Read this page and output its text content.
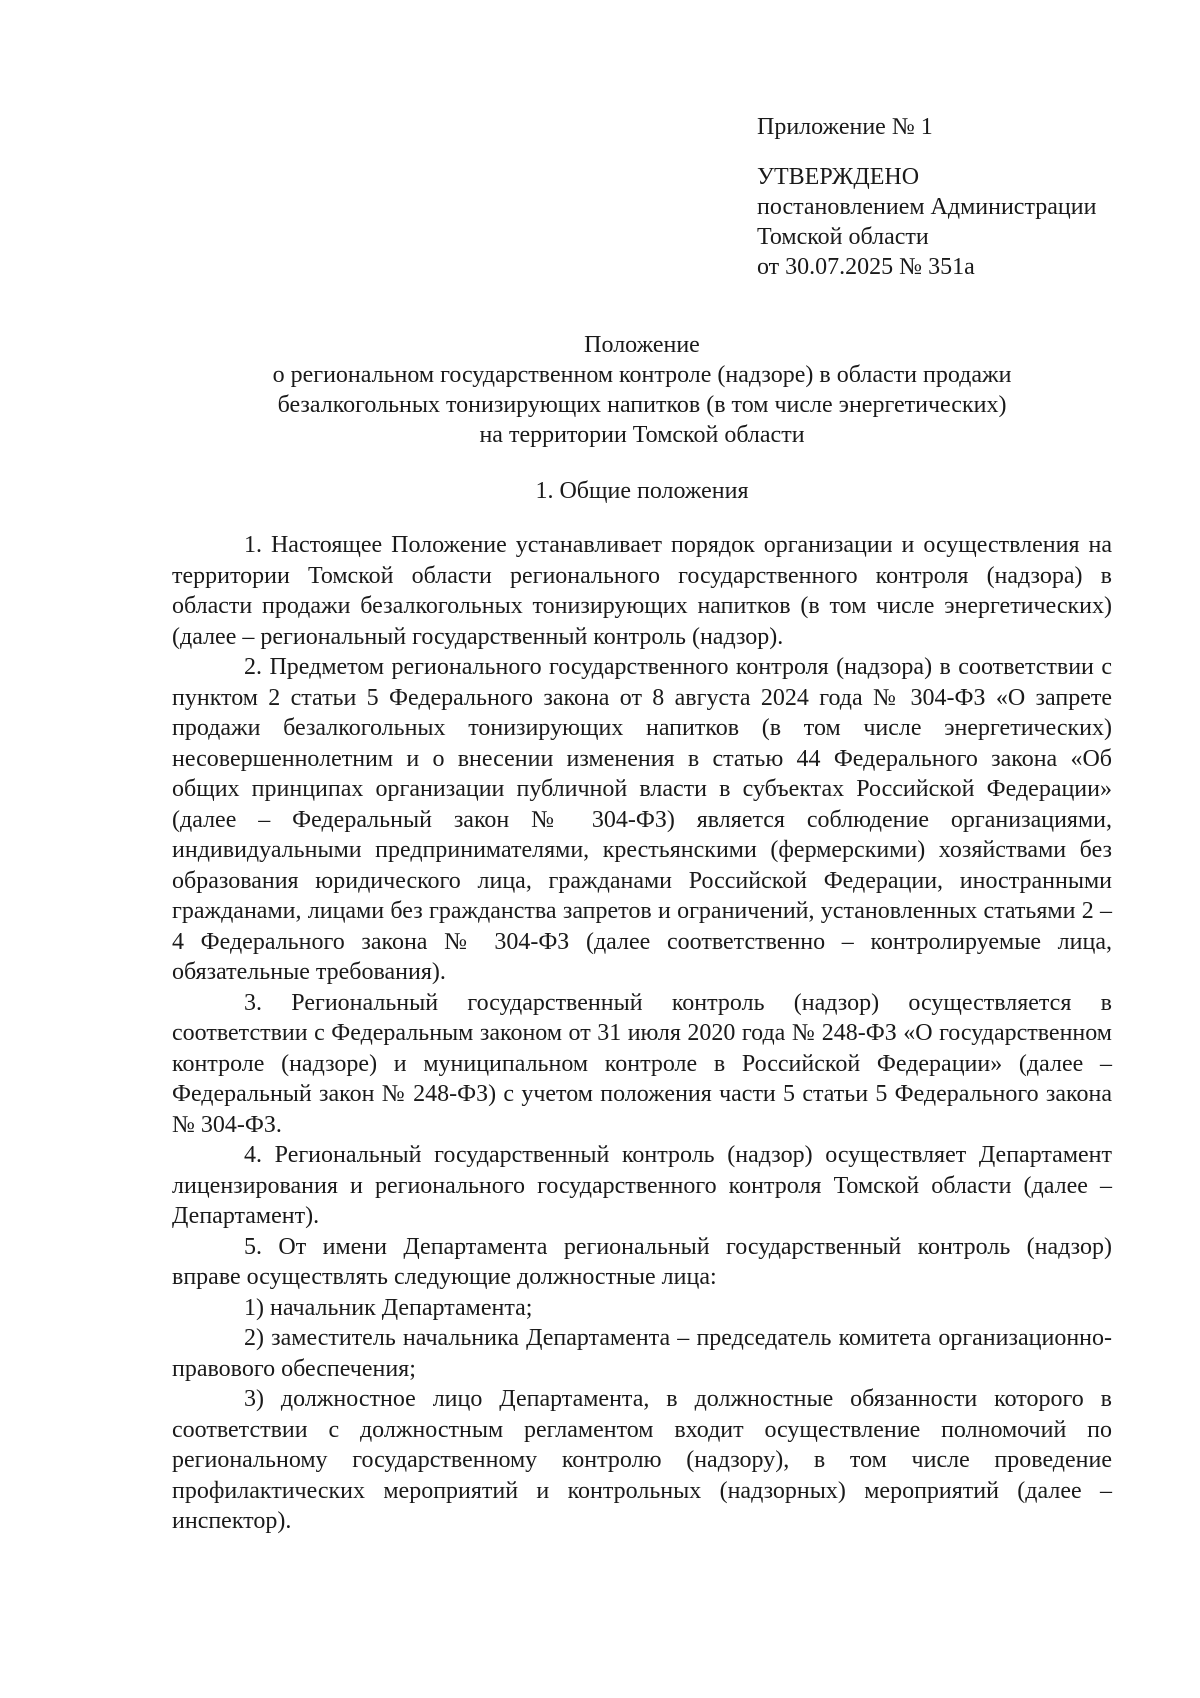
Приложение № 1

УТВЕРЖДЕНО

постановлением Администрации

Томской области

от 30.07.2025 № 351а

Положение

о региональном государственном контроле (надзоре) в области продажи

безалкогольных тонизирующих напитков (в том числе энергетических)

на территории Томской области

1. Общие положения

1. Настоящее Положение устанавливает порядок организации и осуществления на территории Томской области регионального государственного контроля (надзора) в области продажи безалкогольных тонизирующих напитков (в том числе энергетических) (далее – региональный государственный контроль (надзор).

2. Предметом регионального государственного контроля (надзора) в соответствии с пунктом 2 статьи 5 Федерального закона от 8 августа 2024 года № 304-ФЗ «О запрете продажи безалкогольных тонизирующих напитков (в том числе энергетических) несовершеннолетним и о внесении изменения в статью 44 Федерального закона «Об общих принципах организации публичной власти в субъектах Российской Федерации» (далее – Федеральный закон № 304-ФЗ) является соблюдение организациями, индивидуальными предпринимателями, крестьянскими (фермерскими) хозяйствами без образования юридического лица, гражданами Российской Федерации, иностранными гражданами, лицами без гражданства запретов и ограничений, установленных статьями 2 – 4 Федерального закона № 304-ФЗ (далее соответственно – контролируемые лица, обязательные требования).

3. Региональный государственный контроль (надзор) осуществляется в соответствии с Федеральным законом от 31 июля 2020 года № 248-ФЗ «О государственном контроле (надзоре) и муниципальном контроле в Российской Федерации» (далее – Федеральный закон № 248-ФЗ) с учетом положения части 5 статьи 5 Федерального закона № 304-ФЗ.

4. Региональный государственный контроль (надзор) осуществляет Департамент лицензирования и регионального государственного контроля Томской области (далее – Департамент).

5. От имени Департамента региональный государственный контроль (надзор) вправе осуществлять следующие должностные лица:

1) начальник Департамента;

2) заместитель начальника Департамента – председатель комитета организационно-правового обеспечения;

3) должностное лицо Департамента, в должностные обязанности которого в соответствии с должностным регламентом входит осуществление полномочий по региональному государственному контролю (надзору), в том числе проведение профилактических мероприятий и контрольных (надзорных) мероприятий (далее – инспектор).
